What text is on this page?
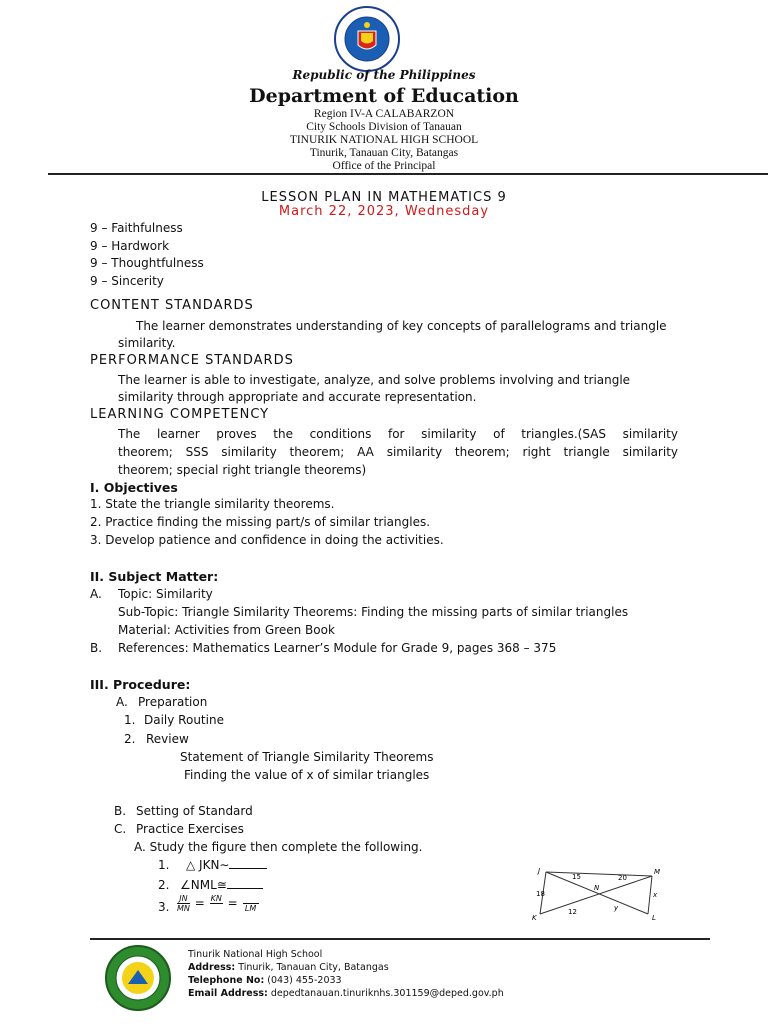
Republic of the Philippines
Department of Education
Region IV-A CALABARZON
City Schools Division of Tanauan
TINURIK NATIONAL HIGH SCHOOL
Tinurik, Tanauan City, Batangas
Office of the Principal
LESSON PLAN IN MATHEMATICS 9
March 22, 2023, Wednesday
9 – Faithfulness
9 – Hardwork
9 – Thoughtfulness
9 – Sincerity
CONTENT STANDARDS
The learner demonstrates understanding of key concepts of parallelograms and triangle
similarity.
PERFORMANCE STANDARDS
The learner is able to investigate, analyze, and solve problems involving and triangle
similarity through appropriate and accurate representation.
LEARNING COMPETENCY
The learner proves the conditions for similarity of triangles.(SAS similarity
theorem; SSS similarity theorem; AA similarity theorem; right triangle similarity
theorem; special right triangle theorems)
I. Objectives
1. State the triangle similarity theorems.
2. Practice finding the missing part/s of similar triangles.
3. Develop patience and confidence in doing the activities.
II. Subject Matter:
A. Topic: Similarity
Sub-Topic: Triangle Similarity Theorems: Finding the missing parts of similar triangles
Material: Activities from Green Book
B. References: Mathematics Learner’s Module for Grade 9, pages 368 – 375
III. Procedure:
A. Preparation
1. Daily Routine
2. Review
Statement of Triangle Similarity Theorems
Finding the value of x of similar triangles
B. Setting of Standard
C. Practice Exercises
A. Study the figure then complete the following.
1. △ JKN∼
2. ∠NML≅
3. $\frac{JN}{MN}$ = KN = LM
J	M
K	L
N
15	20
18
12
x
y
Tinurik National High School
Address: Tinurik, Tanauan City, Batangas
Telephone No: (043) 455-2033
Email Address: depedtanauan.tinuriknhs.301159@deped.gov.ph
